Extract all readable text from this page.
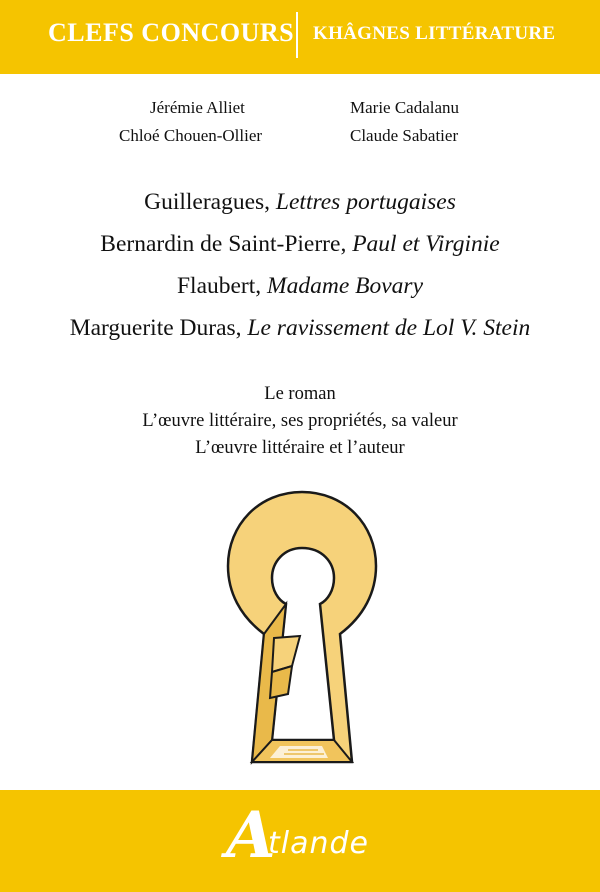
CLEFS CONCOURS KHÂGNES LITTÉRATURE
Jérémie Alliet	Marie Cadalanu
Chloé Chouen-Ollier	Claude Sabatier
Guilleragues, Lettres portugaises
Bernardin de Saint-Pierre, Paul et Virginie
Flaubert, Madame Bovary
Marguerite Duras, Le ravissement de Lol V. Stein
Le roman
L’œuvre littéraire, ses propriétés, sa valeur
L’œuvre littéraire et l’auteur
A
tlande
